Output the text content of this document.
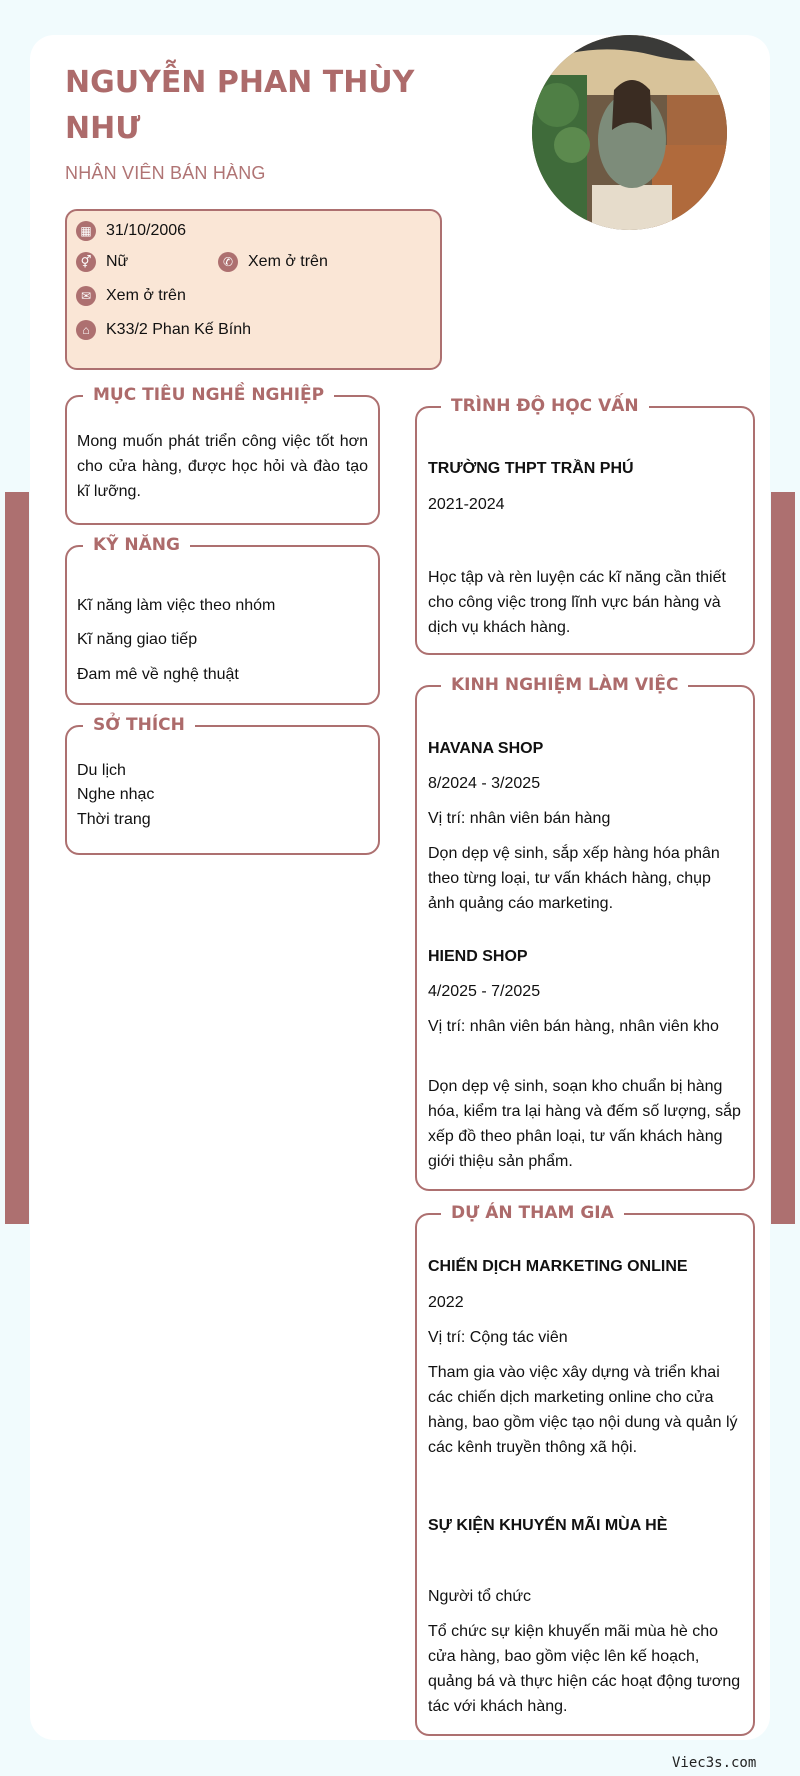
NGUYỄN PHAN THÙY NHƯ
NHÂN VIÊN BÁN HÀNG
▦ 31/10/2006
⚥ Nữ	✆ Xem ở trên
✉ Xem ở trên
⌂	K33/2 Phan Kế Bính
MỤC TIÊU NGHỀ NGHIỆP
Mong muốn phát triển công việc tốt hơn cho cửa hàng, được học hỏi và đào tạo kĩ lưỡng.
KỸ NĂNG
Kĩ năng làm việc theo nhóm
Kĩ năng giao tiếp
Đam mê về nghệ thuật
SỞ THÍCH
Du lịch
Nghe nhạc
Thời trang
TRÌNH ĐỘ HỌC VẤN
TRƯỜNG THPT TRẦN PHÚ
2021-2024
Học tập và rèn luyện các kĩ năng cần thiết cho công việc trong lĩnh vực bán hàng và dịch vụ khách hàng.
KINH NGHIỆM LÀM VIỆC
HAVANA SHOP
8/2024 - 3/2025
Vị trí: nhân viên bán hàng
Dọn dẹp vệ sinh, sắp xếp hàng hóa phân theo từng loại, tư vấn khách hàng, chụp ảnh quảng cáo marketing.
HIEND SHOP
4/2025 - 7/2025
Vị trí: nhân viên bán hàng, nhân viên kho
Dọn dẹp vệ sinh, soạn kho chuẩn bị hàng hóa, kiểm tra lại hàng và đếm số lượng, sắp xếp đồ theo phân loại, tư vấn khách hàng giới thiệu sản phẩm.
DỰ ÁN THAM GIA
CHIẾN DỊCH MARKETING ONLINE
2022
Vị trí: Cộng tác viên
Tham gia vào việc xây dựng và triển khai các chiến dịch marketing online cho cửa hàng, bao gồm việc tạo nội dung và quản lý các kênh truyền thông xã hội.
SỰ KIỆN KHUYẾN MÃI MÙA HÈ
Người tổ chức
Tổ chức sự kiện khuyến mãi mùa hè cho cửa hàng, bao gồm việc lên kế hoạch, quảng bá và thực hiện các hoạt động tương tác với khách hàng.
Viec3s.com
